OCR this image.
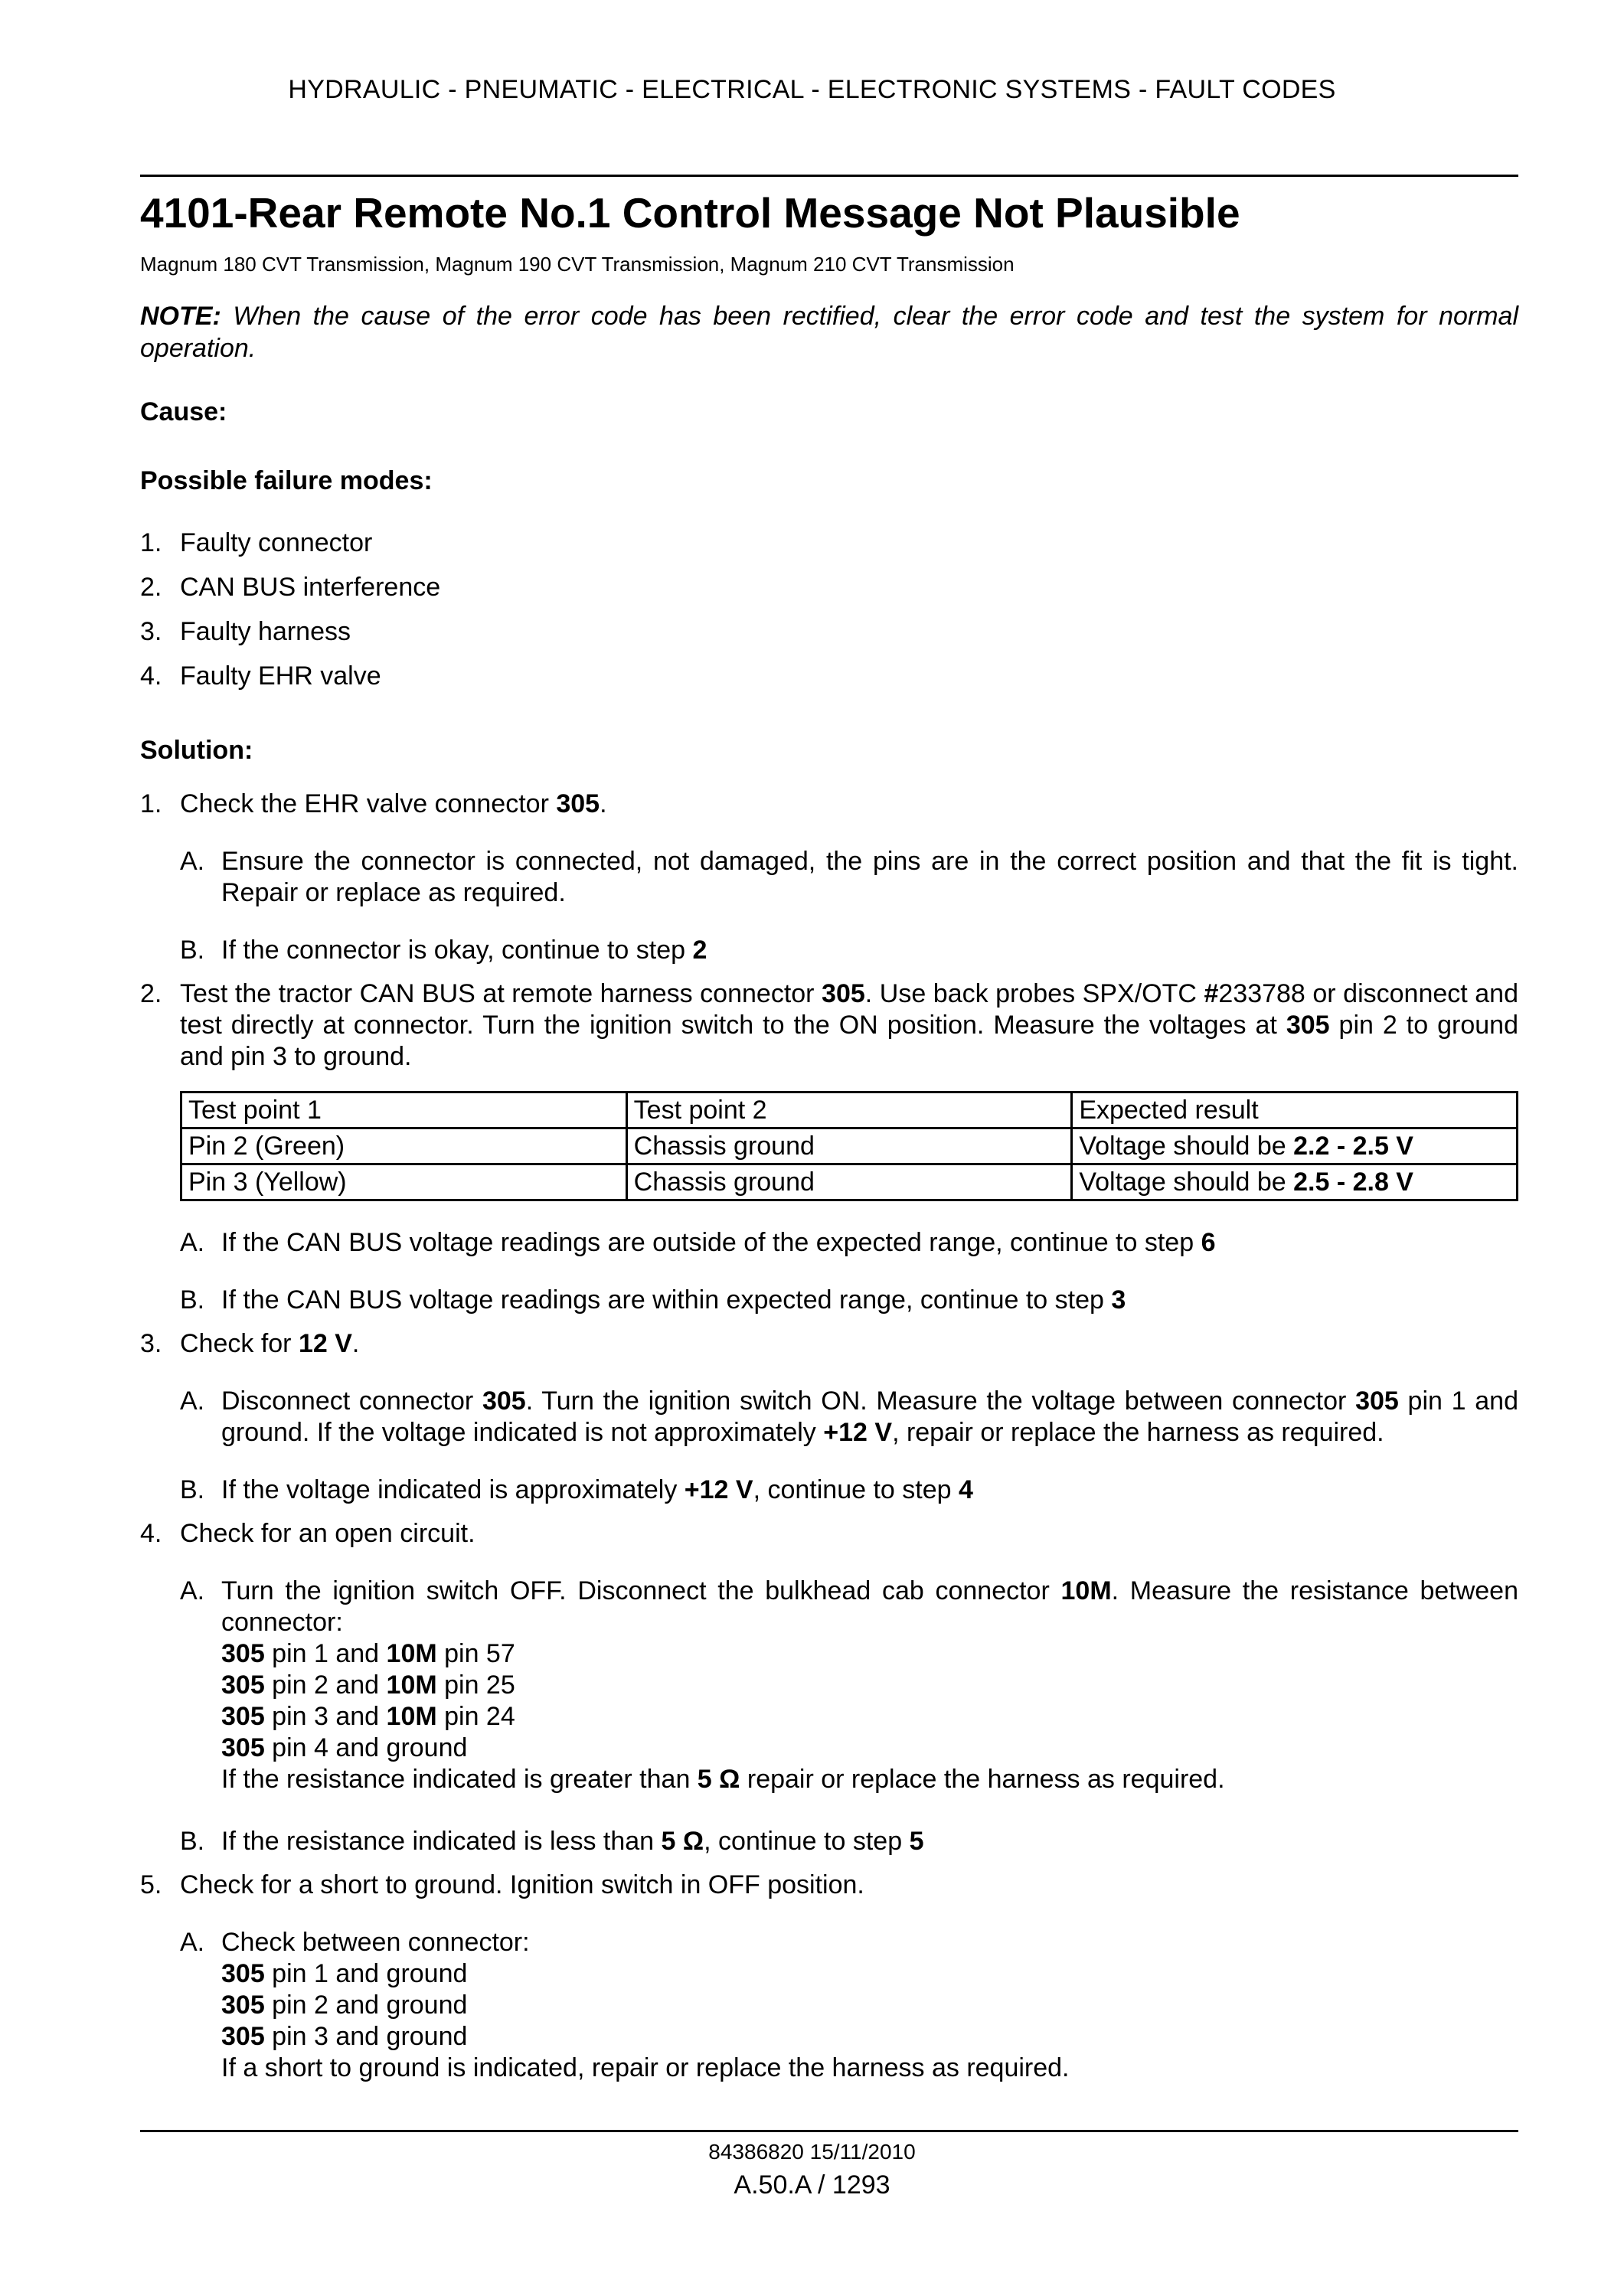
HYDRAULIC - PNEUMATIC - ELECTRICAL - ELECTRONIC SYSTEMS - FAULT CODES
4101-Rear Remote No.1 Control Message Not Plausible
Magnum 180 CVT Transmission, Magnum 190 CVT Transmission, Magnum 210 CVT Transmission
NOTE: When the cause of the error code has been rectified, clear the error code and test the system for normal operation.
Cause:
Possible failure modes:
1. Faulty connector
2. CAN BUS interference
3. Faulty harness
4. Faulty EHR valve
Solution:
1. Check the EHR valve connector 305.
A. Ensure the connector is connected, not damaged, the pins are in the correct position and that the fit is tight. Repair or replace as required.
B. If the connector is okay, continue to step 2
2. Test the tractor CAN BUS at remote harness connector 305. Use back probes SPX/OTC #233788 or disconnect and test directly at connector. Turn the ignition switch to the ON position. Measure the voltages at 305 pin 2 to ground and pin 3 to ground.
Test point 1	Test point 2	Expected result
Pin 2 (Green)	Chassis ground	Voltage should be 2.2 - 2.5 V
Pin 3 (Yellow)	Chassis ground	Voltage should be 2.5 - 2.8 V
A. If the CAN BUS voltage readings are outside of the expected range, continue to step 6
B. If the CAN BUS voltage readings are within expected range, continue to step 3
3. Check for 12 V.
A. Disconnect connector 305. Turn the ignition switch ON. Measure the voltage between connector 305 pin 1 and ground. If the voltage indicated is not approximately +12 V, repair or replace the harness as required.
B. If the voltage indicated is approximately +12 V, continue to step 4
4. Check for an open circuit.
A. Turn the ignition switch OFF. Disconnect the bulkhead cab connector 10M. Measure the resistance between connector:
305 pin 1 and 10M pin 57
305 pin 2 and 10M pin 25
305 pin 3 and 10M pin 24
305 pin 4 and ground
If the resistance indicated is greater than 5 Ω repair or replace the harness as required.
B. If the resistance indicated is less than 5 Ω, continue to step 5
5. Check for a short to ground. Ignition switch in OFF position.
A. Check between connector:
305 pin 1 and ground
305 pin 2 and ground
305 pin 3 and ground
If a short to ground is indicated, repair or replace the harness as required.
84386820 15/11/2010
A.50.A / 1293
